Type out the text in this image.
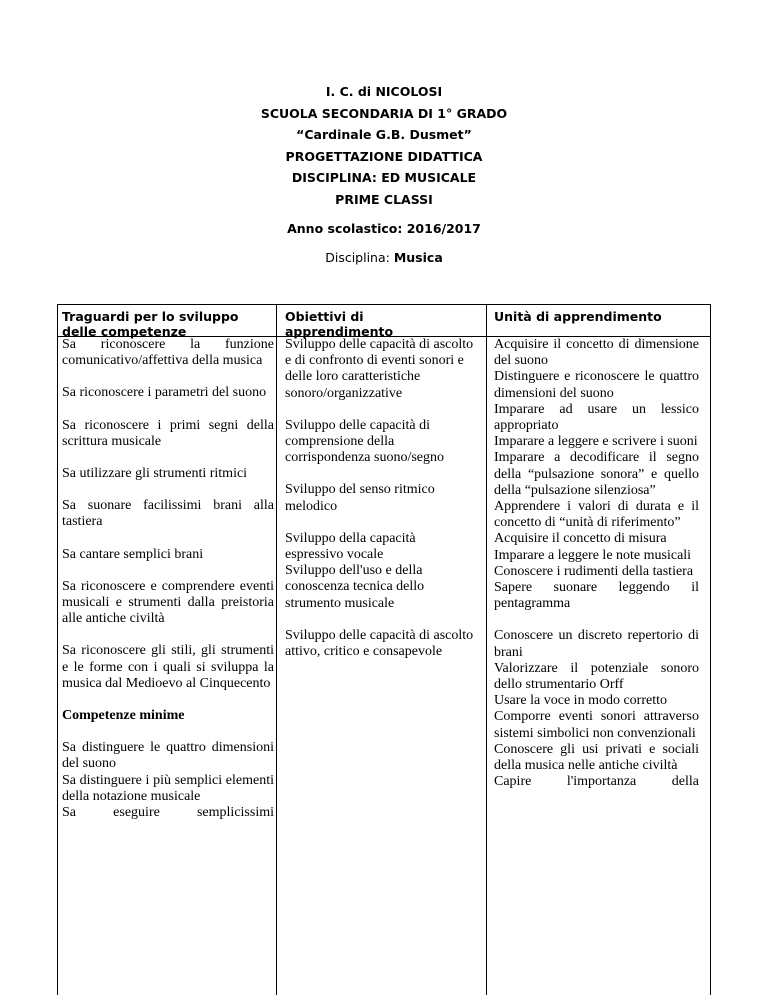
I. C. di NICOLOSI
SCUOLA SECONDARIA DI 1° GRADO
“Cardinale G.B. Dusmet”
PROGETTAZIONE DIDATTICA
DISCIPLINA: ED MUSICALE
PRIME CLASSI
Anno scolastico: 2016/2017
Disciplina: Musica
Traguardi per lo sviluppo delle competenze
Obiettivi di apprendimento
Unità di apprendimento

Sa riconoscere la funzione comunicativo/affettiva della musica

Sa riconoscere i parametri del suono

Sa riconoscere i primi segni della scrittura musicale

Sa utilizzare gli strumenti ritmici

Sa suonare facilissimi brani alla tastiera

Sa cantare semplici brani

Sa riconoscere e comprendere eventi musicali e strumenti dalla preistoria alle antiche civiltà

Sa riconoscere gli stili, gli strumenti e le forme con i quali si sviluppa la musica dal Medioevo al Cinquecento

Competenze minime

Sa distinguere le quattro dimensioni del suono

Sa distinguere i più semplici elementi della notazione musicale

Sa eseguire semplicissimi

Sviluppo delle capacità di ascolto e di confronto di eventi sonori e delle loro caratteristiche sonoro/organizzative

Sviluppo delle capacità di comprensione della corrispondenza suono/segno

Sviluppo del senso ritmico melodico

Sviluppo della capacità espressivo vocale

Sviluppo dell'uso e della conoscenza tecnica dello strumento musicale

Sviluppo delle capacità di ascolto attivo, critico e consapevole

Acquisire il concetto di dimensione del suono

Distinguere e riconoscere le quattro dimensioni del suono

Imparare ad usare un lessico appropriato

Imparare a leggere e scrivere i suoni

Imparare a decodificare il segno della “pulsazione sonora” e quello della “pulsazione silenziosa”

Apprendere i valori di durata e il concetto di “unità di riferimento”

Acquisire il concetto di misura

Imparare a leggere le note musicali

Conoscere i rudimenti della tastiera

Sapere suonare leggendo il pentagramma

Conoscere un discreto repertorio di brani

Valorizzare il potenziale sonoro dello strumentario Orff

Usare la voce in modo corretto

Comporre eventi sonori attraverso sistemi simbolici non convenzionali

Conoscere gli usi privati e sociali della musica nelle antiche civiltà

Capire l'importanza della
